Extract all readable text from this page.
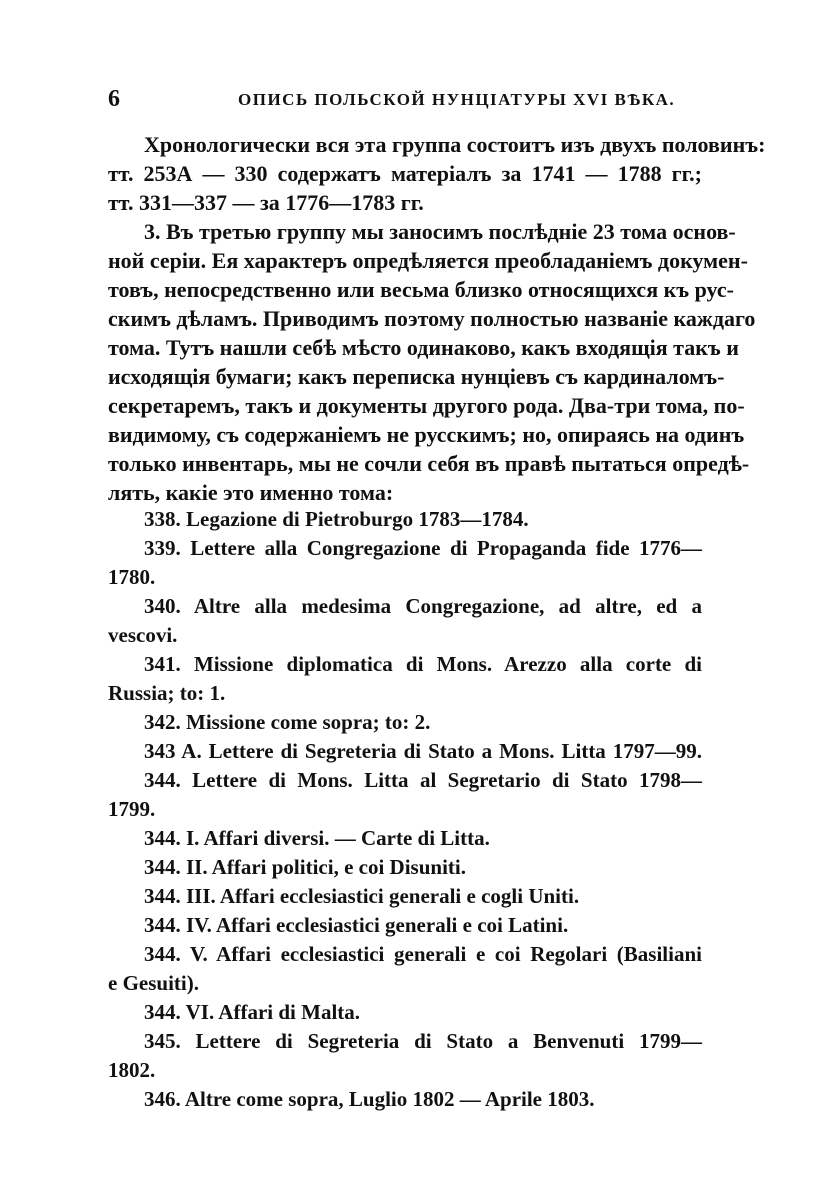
6	ОПИСЬ ПОЛЬСКОЙ НУНЦІАТУРЫ XVI ВѢКА.
Хронологически вся эта группа состоитъ изъ двухъ половинъ:
тт. 253А — 330 содержатъ матеріалъ за 1741 — 1788 гг.;
тт. 331—337 — за 1776—1783 гг.
3. Въ третью группу мы заносимъ послѣдніе 23 тома основ-
ной серіи. Ея характеръ опредѣляется преобладаніемъ докумен-
товъ, непосредственно или весьма близко относящихся къ рус-
скимъ дѣламъ. Приводимъ поэтому полностью названіе каждаго
тома. Тутъ нашли себѣ мѣсто одинаково, какъ входящія такъ и
исходящія бумаги; какъ переписка нунціевъ съ кардиналомъ-
секретаремъ, такъ и документы другого рода. Два-три тома, по-
видимому, съ содержаніемъ не русскимъ; но, опираясь на одинъ
только инвентарь, мы не сочли себя въ правѣ пытаться опредѣ-
лять, какіе это именно тома:
338. Legazione di Pietroburgo 1783—1784.
339. Lettere alla Congregazione di Propaganda fide 1776—
1780.
340. Altre alla medesima Congregazione, ad altre, ed a
vescovi.
341. Missione diplomatica di Mons. Arezzo alla corte di
Russia; to: 1.
342. Missione come sopra; to: 2.
343 A. Lettere di Segreteria di Stato a Mons. Litta 1797—99.
344. Lettere di Mons. Litta al Segretario di Stato 1798—
1799.
344. I. Affari diversi. — Carte di Litta.
344. II. Affari politici, e coi Disuniti.
344. III. Affari ecclesiastici generali e cogli Uniti.
344. IV. Affari ecclesiastici generali e coi Latini.
344. V. Affari ecclesiastici generali e coi Regolari (Basiliani
e Gesuiti).
344. VI. Affari di Malta.
345. Lettere di Segreteria di Stato a Benvenuti 1799—
1802.
346. Altre come sopra, Luglio 1802 — Aprile 1803.
